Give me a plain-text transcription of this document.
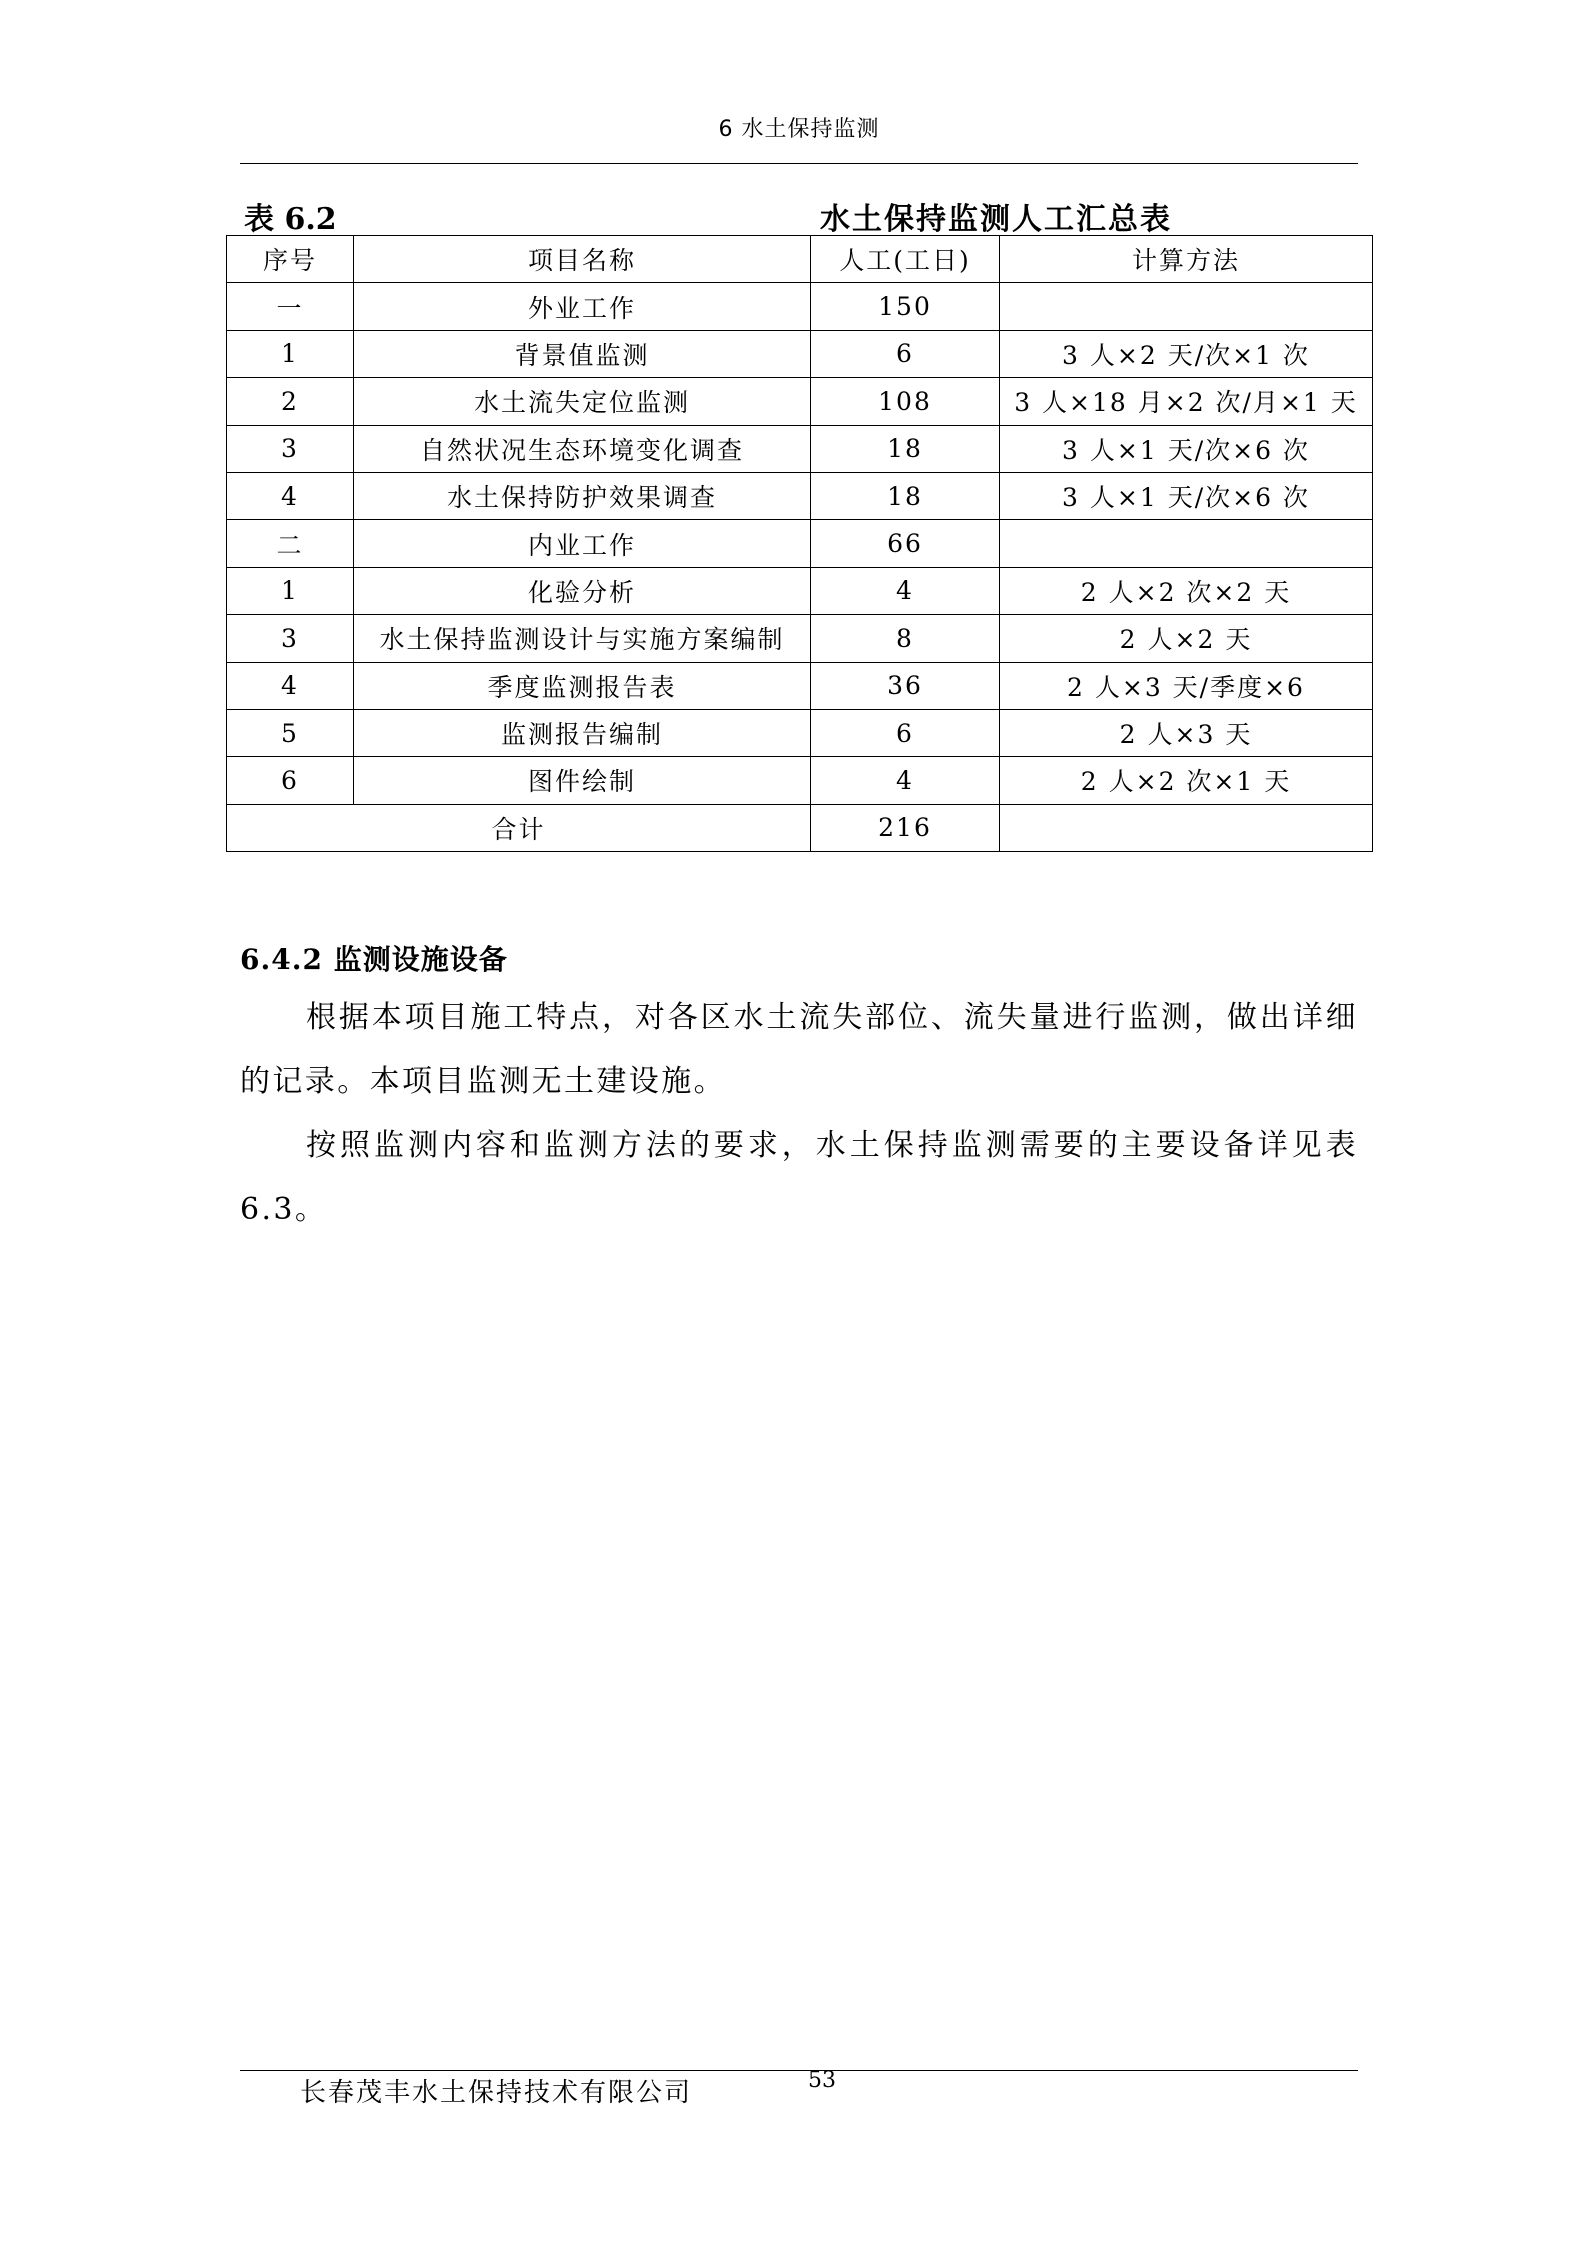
6 水土保持监测
表 6.2	水土保持监测人工汇总表
序号	项目名称	人工(工日)	计算方法
一	外业工作	150	
1	背景值监测	6	3 人×2 天/次×1 次
2	水土流失定位监测	108	3 人×18 月×2 次/月×1 天
3	自然状况生态环境变化调查	18	3 人×1 天/次×6 次
4	水土保持防护效果调查	18	3 人×1 天/次×6 次
二	内业工作	66	
1	化验分析	4	2 人×2 次×2 天
3	水土保持监测设计与实施方案编制	8	2 人×2 天
4	季度监测报告表	36	2 人×3 天/季度×6
5	监测报告编制	6	2 人×3 天
6	图件绘制	4	2 人×2 次×1 天
合计		216	
6.4.2 监测设施设备

根据本项目施工特点，对各区水土流失部位、流失量进行监测，做出详细的记录。本项目监测无土建设施。

按照监测内容和监测方法的要求，水土保持监测需要的主要设备详见表 6.3。

长春茂丰水土保持技术有限公司	53
